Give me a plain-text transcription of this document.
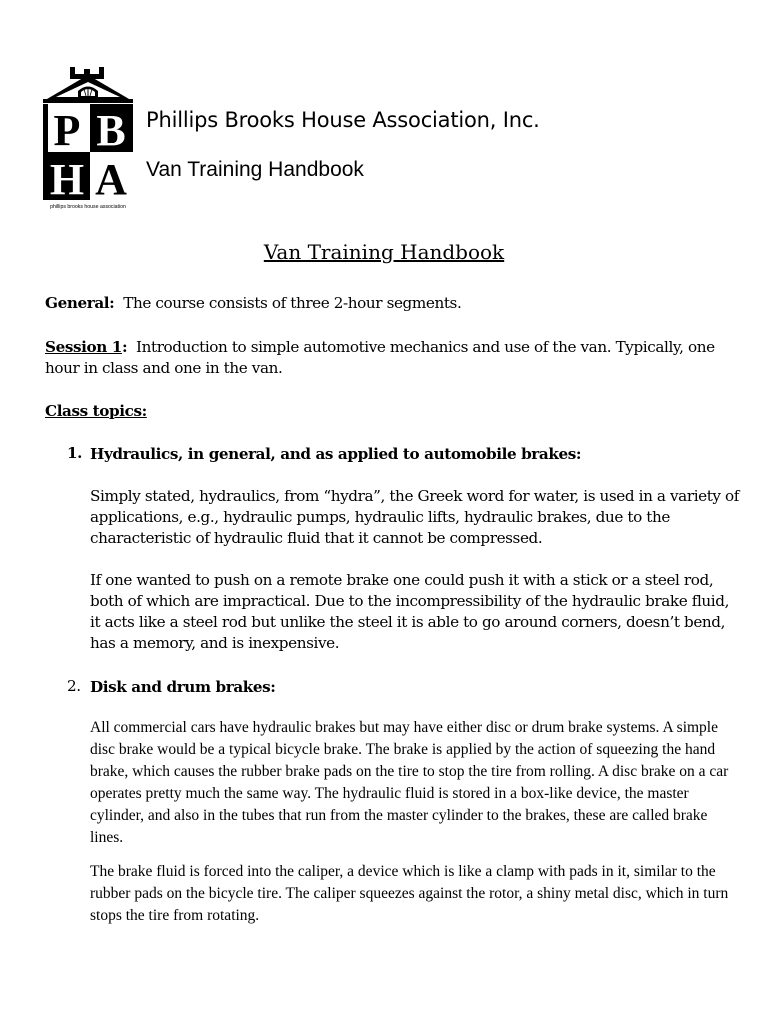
P B
H A
phillips brooks house association
Phillips Brooks House Association, Inc.
Van Training Handbook
Van Training Handbook
General: The course consists of three 2-hour segments.
Session 1: Introduction to simple automotive mechanics and use of the van. Typically, one hour in class and one in the van.
Class topics:
1. Hydraulics, in general, and as applied to automobile brakes:
Simply stated, hydraulics, from “hydra”, the Greek word for water, is used in a variety of applications, e.g., hydraulic pumps, hydraulic lifts, hydraulic brakes, due to the characteristic of hydraulic fluid that it cannot be compressed.
If one wanted to push on a remote brake one could push it with a stick or a steel rod, both of which are impractical. Due to the incompressibility of the hydraulic brake fluid, it acts like a steel rod but unlike the steel it is able to go around corners, doesn’t bend, has a memory, and is inexpensive.
2. Disk and drum brakes:
All commercial cars have hydraulic brakes but may have either disc or drum brake systems. A simple disc brake would be a typical bicycle brake. The brake is applied by the action of squeezing the hand brake, which causes the rubber brake pads on the tire to stop the tire from rolling. A disc brake on a car operates pretty much the same way. The hydraulic fluid is stored in a box-like device, the master cylinder, and also in the tubes that run from the master cylinder to the brakes, these are called brake lines.
The brake fluid is forced into the caliper, a device which is like a clamp with pads in it, similar to the rubber pads on the bicycle tire. The caliper squeezes against the rotor, a shiny metal disc, which in turn stops the tire from rotating.
